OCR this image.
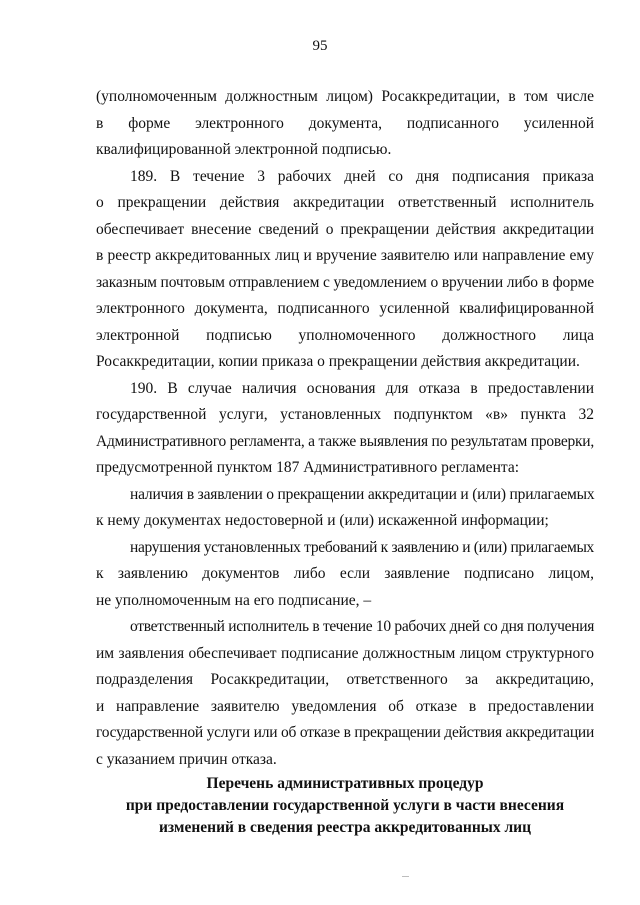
95

(уполномоченным должностным лицом) Росаккредитации, в том числе

в форме электронного документа, подписанного усиленной

квалифицированной электронной подписью.

189. В течение 3 рабочих дней со дня подписания приказа

о прекращении действия аккредитации ответственный исполнитель

обеспечивает внесение сведений о прекращении действия аккредитации

в реестр аккредитованных лиц и вручение заявителю или направление ему

заказным почтовым отправлением с уведомлением о вручении либо в форме

электронного документа, подписанного усиленной квалифицированной

электронной подписью уполномоченного должностного лица

Росаккредитации, копии приказа о прекращении действия аккредитации.

190. В случае наличия основания для отказа в предоставлении

государственной услуги, установленных подпунктом «в» пункта 32

Административного регламента, а также выявления по результатам проверки,

предусмотренной пунктом 187 Административного регламента:

наличия в заявлении о прекращении аккредитации и (или) прилагаемых

к нему документах недостоверной и (или) искаженной информации;

нарушения установленных требований к заявлению и (или) прилагаемых

к заявлению документов либо если заявление подписано лицом,

не уполномоченным на его подписание, –

ответственный исполнитель в течение 10 рабочих дней со дня получения

им заявления обеспечивает подписание должностным лицом структурного

подразделения Росаккредитации, ответственного за аккредитацию,

и направление заявителю уведомления об отказе в предоставлении

государственной услуги или об отказе в прекращении действия аккредитации

с указанием причин отказа.

Перечень административных процедур
при предоставлении государственной услуги в части внесения
изменений в сведения реестра аккредитованных лиц
